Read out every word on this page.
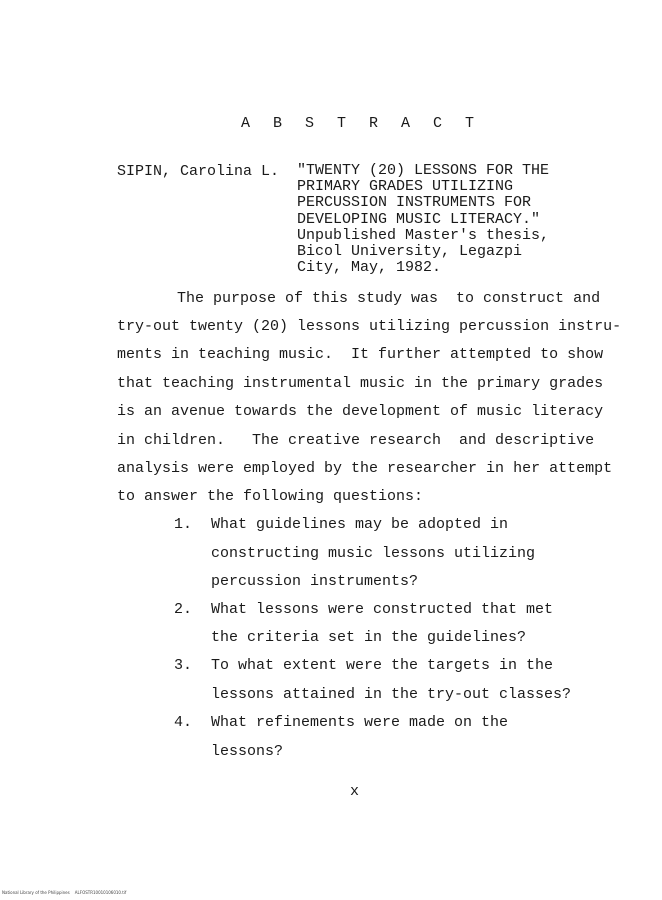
A B S T R A C T
SIPIN, Carolina L. "TWENTY (20) LESSONS FOR THE
PRIMARY GRADES UTILIZING
PERCUSSION INSTRUMENTS FOR
DEVELOPING MUSIC LITERACY."
Unpublished Master's thesis,
Bicol University, Legazpi
City, May, 1982.
The purpose of this study was  to construct and
try-out twenty (20) lessons utilizing percussion instru-
ments in teaching music.  It further attempted to show
that teaching instrumental music in the primary grades
is an avenue towards the development of music literacy
in children.   The creative research  and descriptive
analysis were employed by the researcher in her attempt
to answer the following questions:
1. What guidelines may be adopted in
constructing music lessons utilizing
percussion instruments?
2. What lessons were constructed that met
the criteria set in the guidelines?
3. To what extent were the targets in the
lessons attained in the try-out classes?
4. What refinements were made on the
lessons?
x
National Library of the Philippines    ALFOSTR10010106010.tif
